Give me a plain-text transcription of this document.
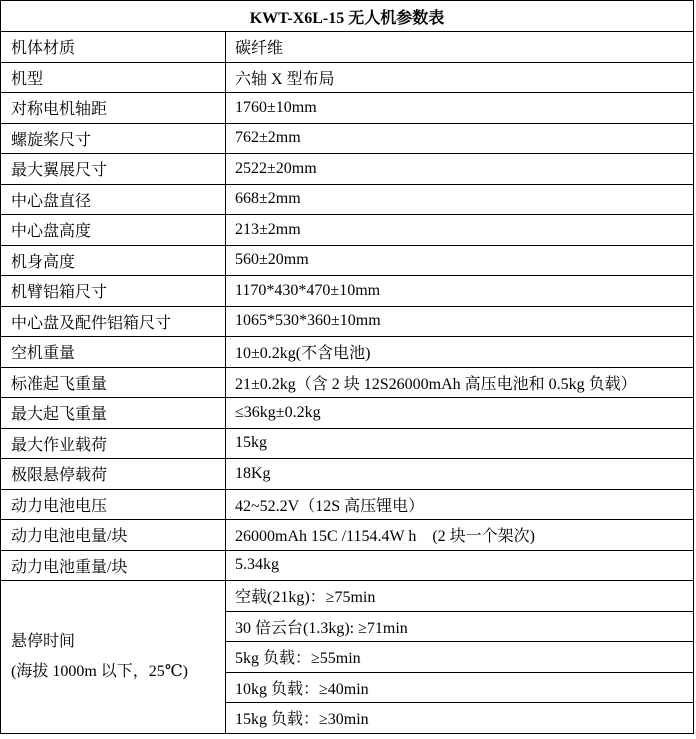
KWT-X6L-15 无人机参数表	
机体材质	碳纤维
机型	六轴 X 型布局
对称电机轴距	1760±10mm
螺旋桨尺寸	762±2mm
最大翼展尺寸	2522±20mm
中心盘直径	668±2mm
中心盘高度	213±2mm
机身高度	560±20mm
机臂铝箱尺寸	1170*430*470±10mm
中心盘及配件铝箱尺寸	1065*530*360±10mm
空机重量	10±0.2kg(不含电池)
标准起飞重量	21±0.2kg（含 2 块 12S26000mAh 高压电池和 0.5kg 负载）
最大起飞重量	≤36kg±0.2kg
最大作业载荷	15kg
极限悬停载荷	18Kg
动力电池电压	42~52.2V（12S 高压锂电）
动力电池电量/块	26000mAh 15C /1154.4W h　(2 块一个架次)
动力电池重量/块	5.34kg

悬停时间
(海拔 1000m 以下，25℃)	空载(21kg)：≥75min
	30 倍云台(1.3kg): ≥71min
	5kg 负载：≥55min
	10kg 负载：≥40min
	15kg 负载：≥30min
